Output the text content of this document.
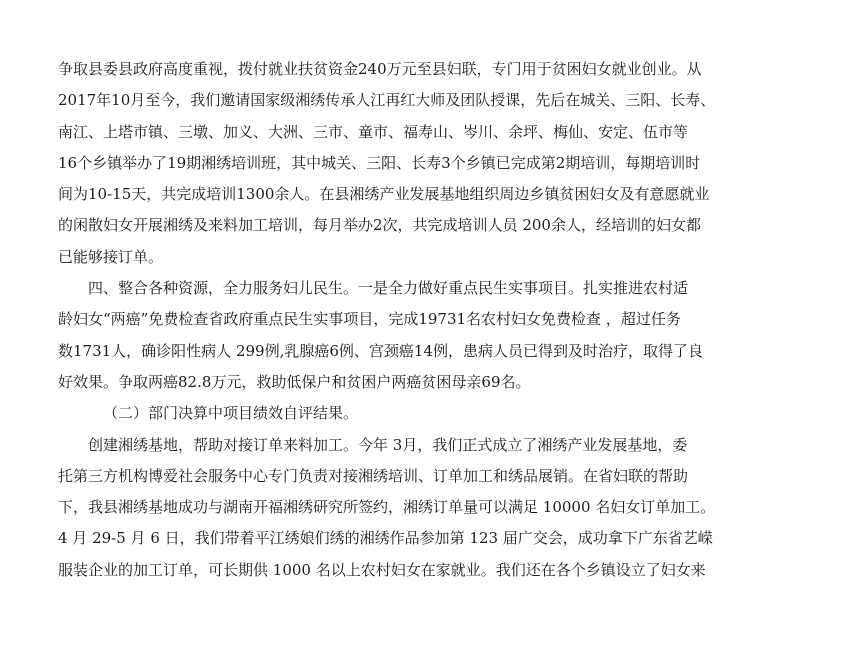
争取县委县政府高度重视，拨付就业扶贫资金240万元至县妇联，专门用于贫困妇女就业创业。从
2017年10月至今，我们邀请国家级湘绣传承人江再红大师及团队授课，先后在城关、三阳、长寿、
南江、上塔市镇、三墩、加义、大洲、三市、童市、福寿山、岑川、余坪、梅仙、安定、伍市等
16个乡镇举办了19期湘绣培训班，其中城关、三阳、长寿3个乡镇已完成第2期培训，每期培训时
间为10-15天，共完成培训1300余人。在县湘绣产业发展基地组织周边乡镇贫困妇女及有意愿就业
的闲散妇女开展湘绣及来料加工培训，每月举办2次，共完成培训人员 200余人，经培训的妇女都
已能够接订单。
四、整合各种资源，全力服务妇儿民生。一是全力做好重点民生实事项目。扎实推进农村适
龄妇女“两癌”免费检查省政府重点民生实事项目，完成19731名农村妇女免费检查 ，超过任务
数1731人，确诊阳性病人 299例,乳腺癌6例、宫颈癌14例，患病人员已得到及时治疗，取得了良
好效果。争取两癌82.8万元，救助低保户和贫困户两癌贫困母亲69名。
（二）部门决算中项目绩效自评结果。
创建湘绣基地，帮助对接订单来料加工。今年 3月，我们正式成立了湘绣产业发展基地，委
托第三方机构博爱社会服务中心专门负责对接湘绣培训、订单加工和绣品展销。在省妇联的帮助
下，我县湘绣基地成功与湖南开福湘绣研究所签约，湘绣订单量可以满足 10000 名妇女订单加工。
4 月 29-5 月 6 日，我们带着平江绣娘们绣的湘绣作品参加第 123 届广交会，成功拿下广东省艺嵘
服装企业的加工订单，可长期供 1000 名以上农村妇女在家就业。我们还在各个乡镇设立了妇女来
